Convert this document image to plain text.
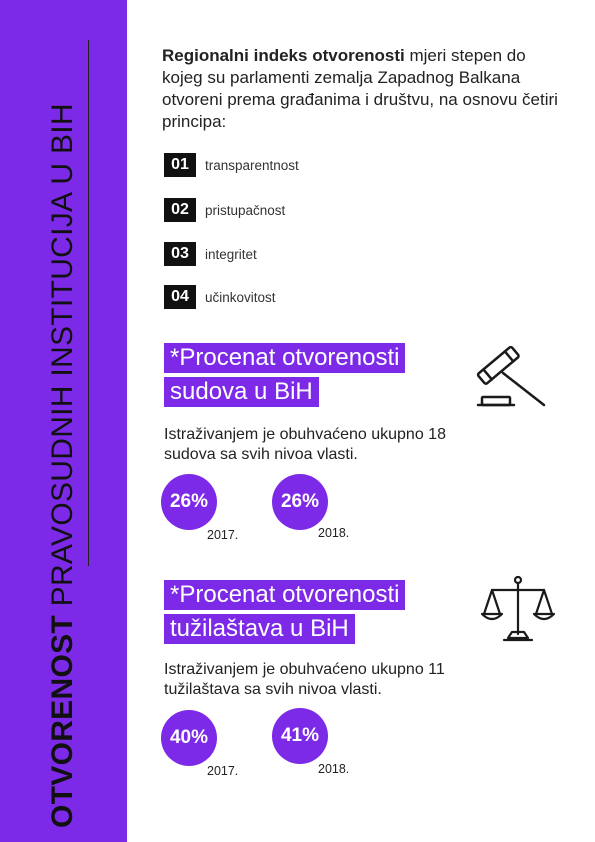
OTVORENOST PRAVOSUDNIH INSTITUCIJA U BIH
Regionalni indeks otvorenosti mjeri stepen do kojeg su parlamenti zemalja Zapadnog Balkana otvoreni prema građanima i društvu, na osnovu četiri principa:
01	transparentnost
02	pristupačnost
03	integritet
04	učinkovitost
*Procenat otvorenosti
sudova u BiH
Istraživanjem je obuhvaćeno ukupno 18 sudova sa svih nivoa vlasti.
26%
2017.
26%
2018.
*Procenat otvorenosti
tužilaštava u BiH
Istraživanjem je obuhvaćeno ukupno 11 tužilaštava sa svih nivoa vlasti.
40%
2017.
41%
2018.
